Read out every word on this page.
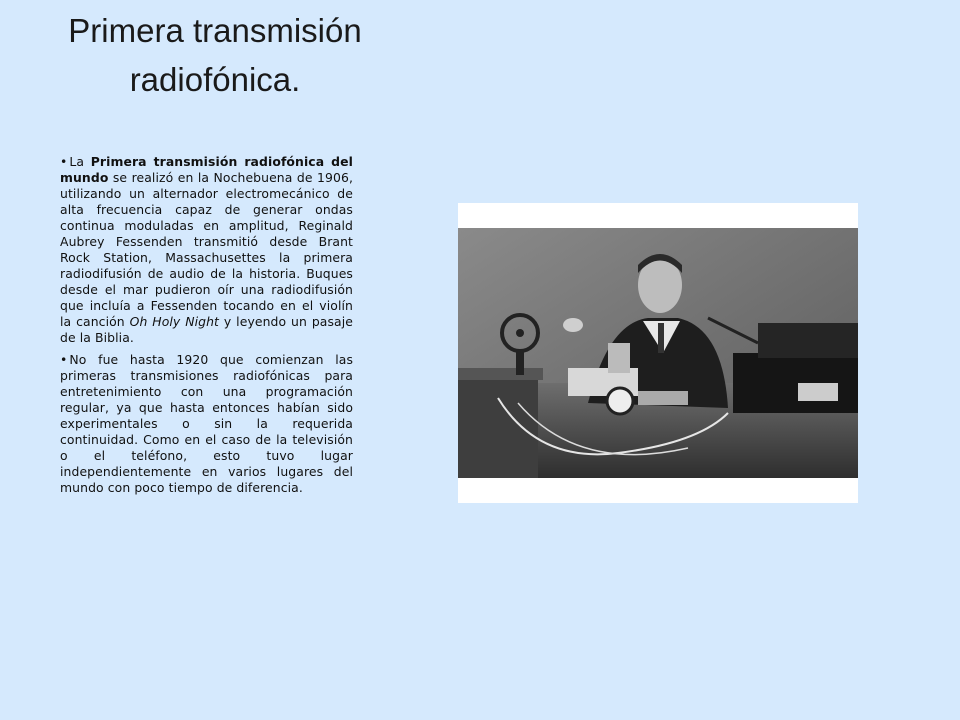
Primera transmisión radiofónica.

• La Primera transmisión radiofónica del mundo se realizó en la Nochebuena de 1906, utilizando un alternador electromecánico de alta frecuencia capaz de generar ondas continua moduladas en amplitud, Reginald Aubrey Fessenden transmitió desde Brant Rock Station, Massachusettes la primera radiodifusión de audio de la historia. Buques desde el mar pudieron oír una radiodifusión que incluía a Fessenden tocando en el violín la canción Oh Holy Night y leyendo un pasaje de la Biblia.

• No fue hasta 1920 que comienzan las primeras transmisiones radiofónicas para entretenimiento con una programación regular, ya que hasta entonces habían sido experimentales o sin la requerida continuidad. Como en el caso de la televisión o el teléfono, esto tuvo lugar independientemente en varios lugares del mundo con poco tiempo de diferencia.
